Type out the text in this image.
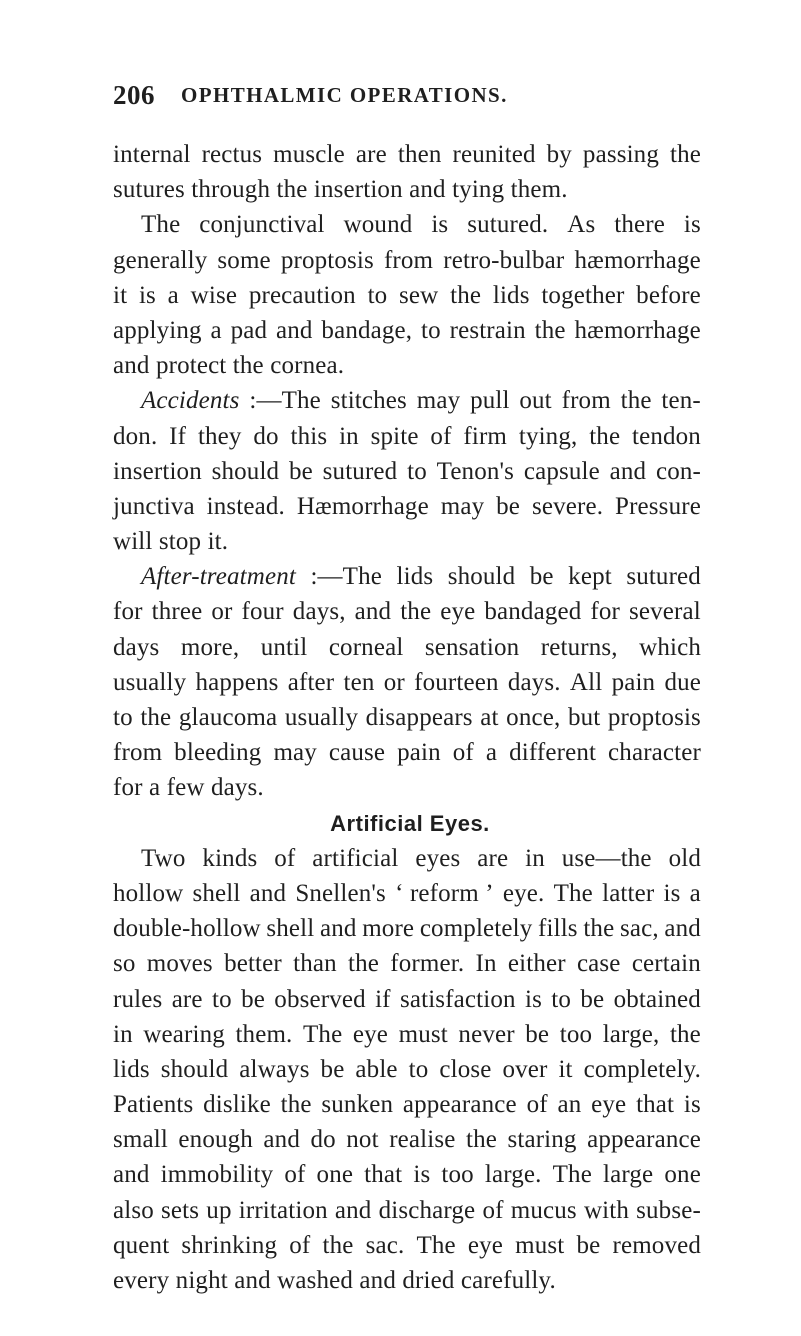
206 OPHTHALMIC OPERATIONS.
internal rectus muscle are then reunited by passing the
sutures through the insertion and tying them.
The conjunctival wound is sutured. As there is
generally some proptosis from retro-bulbar hæmorrhage
it is a wise precaution to sew the lids together before
applying a pad and bandage, to restrain the hæmorrhage
and protect the cornea.
Accidents :—The stitches may pull out from the ten-
don. If they do this in spite of firm tying, the tendon
insertion should be sutured to Tenon's capsule and con-
junctiva instead. Hæmorrhage may be severe. Pressure
will stop it.
After-treatment :—The lids should be kept sutured
for three or four days, and the eye bandaged for several
days more, until corneal sensation returns, which
usually happens after ten or fourteen days. All pain due
to the glaucoma usually disappears at once, but proptosis
from bleeding may cause pain of a different character
for a few days.
Artificial Eyes.
Two kinds of artificial eyes are in use—the old
hollow shell and Snellen's ‘ reform ’ eye. The latter is a
double-hollow shell and more completely fills the sac, and
so moves better than the former. In either case certain
rules are to be observed if satisfaction is to be obtained
in wearing them. The eye must never be too large, the
lids should always be able to close over it completely.
Patients dislike the sunken appearance of an eye that is
small enough and do not realise the staring appearance
and immobility of one that is too large. The large one
also sets up irritation and discharge of mucus with subse-
quent shrinking of the sac. The eye must be removed
every night and washed and dried carefully.
